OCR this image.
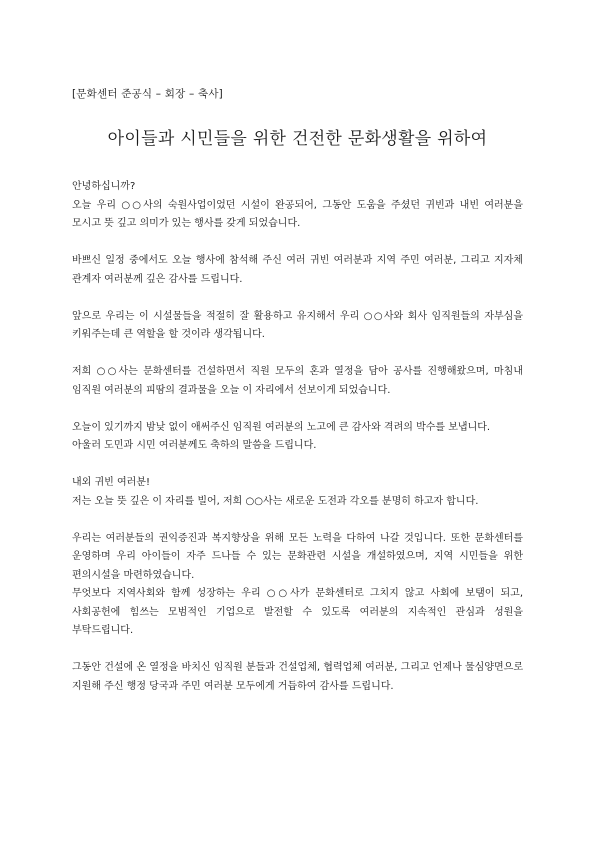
[문화센터 준공식 – 회장 – 축사]
아이들과 시민들을 위한 건전한 문화생활을 위하여
안녕하십니까?
오늘 우리 ○○사의 숙원사업이었던 시설이 완공되어, 그동안 도움을 주셨던 귀빈과 내빈 여러분을 모시고 뜻 깊고 의미가 있는 행사를 갖게 되었습니다.
바쁘신 일정 중에서도 오늘 행사에 참석해 주신 여러 귀빈 여러분과 지역 주민 여러분, 그리고 지자체 관계자 여러분께 깊은 감사를 드립니다.
앞으로 우리는 이 시설물들을 적절히 잘 활용하고 유지해서 우리 ○○사와 회사 임직원들의 자부심을 키워주는데 큰 역할을 할 것이라 생각됩니다.
저희 ○○사는 문화센터를 건설하면서 직원 모두의 혼과 열정을 담아 공사를 진행해왔으며, 마침내 임직원 여러분의 피땀의 결과물을 오늘 이 자리에서 선보이게 되었습니다.
오늘이 있기까지 밤낮 없이 애써주신 임직원 여러분의 노고에 큰 감사와 격려의 박수를 보냅니다.
아울러 도민과 시민 여러분께도 축하의 말씀을 드립니다.
내외 귀빈 여러분!
저는 오늘 뜻 깊은 이 자리를 빌어, 저희 ○○사는 새로운 도전과 각오를 분명히 하고자 합니다.
우리는 여러분들의 권익증진과 복지향상을 위해 모든 노력을 다하여 나갈 것입니다. 또한 문화센터를 운영하며 우리 아이들이 자주 드나들 수 있는 문화관련 시설을 개설하였으며, 지역 시민들을 위한 편의시설을 마련하였습니다.
무엇보다 지역사회와 함께 성장하는 우리 ○○사가 문화센터로 그치지 않고 사회에 보탬이 되고, 사회공헌에 힘쓰는 모범적인 기업으로 발전할 수 있도록 여러분의 지속적인 관심과 성원을 부탁드립니다.
그동안 건설에 온 열정을 바치신 임직원 분들과 건설업체, 협력업체 여러분, 그리고 언제나 물심양면으로 지원해 주신 행정 당국과 주민 여러분 모두에게 거듭하여 감사를 드립니다.
